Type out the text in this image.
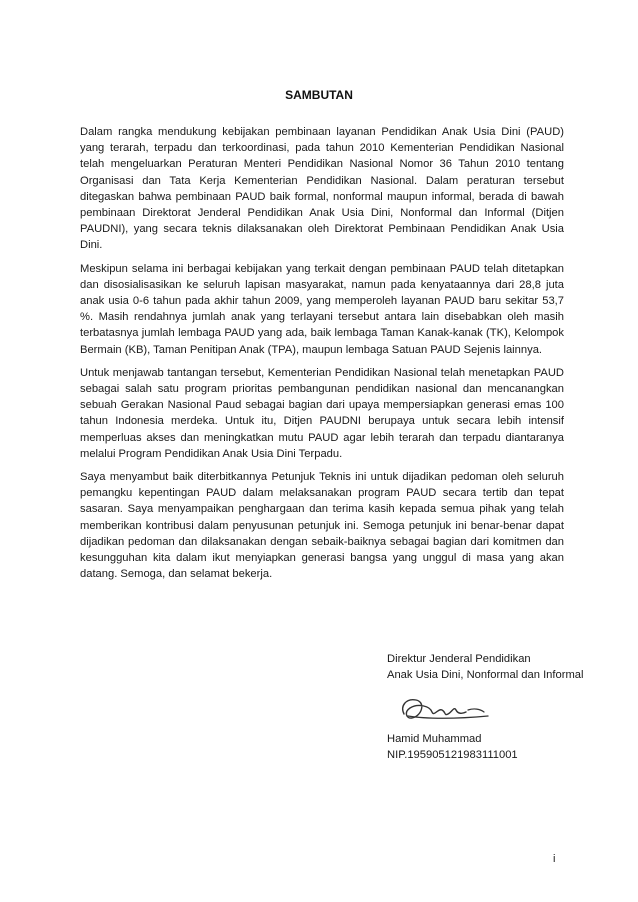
SAMBUTAN

Dalam rangka mendukung kebijakan pembinaan layanan Pendidikan Anak Usia Dini (PAUD) yang terarah, terpadu dan terkoordinasi, pada tahun 2010 Kementerian Pendidikan Nasional telah mengeluarkan Peraturan Menteri Pendidikan Nasional Nomor 36 Tahun 2010 tentang Organisasi dan Tata Kerja Kementerian Pendidikan Nasional. Dalam peraturan tersebut ditegaskan bahwa pembinaan PAUD baik formal, nonformal maupun informal, berada di bawah pembinaan Direktorat Jenderal Pendidikan Anak Usia Dini, Nonformal dan Informal (Ditjen PAUDNI), yang secara teknis dilaksanakan oleh Direktorat Pembinaan Pendidikan Anak Usia Dini.

Meskipun selama ini berbagai kebijakan yang terkait dengan pembinaan PAUD telah ditetapkan dan disosialisasikan ke seluruh lapisan masyarakat, namun pada kenyataannya dari 28,8 juta anak usia 0-6 tahun pada akhir tahun 2009, yang memperoleh layanan PAUD baru sekitar 53,7 %. Masih rendahnya jumlah anak yang terlayani tersebut antara lain disebabkan oleh masih terbatasnya jumlah lembaga PAUD yang ada, baik lembaga Taman Kanak-kanak (TK), Kelompok Bermain (KB), Taman Penitipan Anak (TPA), maupun lembaga Satuan PAUD Sejenis lainnya.

Untuk menjawab tantangan tersebut, Kementerian Pendidikan Nasional telah menetapkan PAUD sebagai salah satu program prioritas pembangunan pendidikan nasional dan mencanangkan sebuah Gerakan Nasional Paud sebagai bagian dari upaya mempersiapkan generasi emas 100 tahun Indonesia merdeka. Untuk itu, Ditjen PAUDNI berupaya untuk secara lebih intensif memperluas akses dan meningkatkan mutu PAUD agar lebih terarah dan terpadu diantaranya melalui Program Pendidikan Anak Usia Dini Terpadu.

Saya menyambut baik diterbitkannya Petunjuk Teknis ini untuk dijadikan pedoman oleh seluruh pemangku kepentingan PAUD dalam melaksanakan program PAUD secara tertib dan tepat sasaran. Saya menyampaikan penghargaan dan terima kasih kepada semua pihak yang telah memberikan kontribusi dalam penyusunan petunjuk ini. Semoga petunjuk ini benar-benar dapat dijadikan pedoman dan dilaksanakan dengan sebaik-baiknya sebagai bagian dari komitmen dan kesungguhan kita dalam ikut menyiapkan generasi bangsa yang unggul di masa yang akan datang. Semoga, dan selamat bekerja.

Direktur Jenderal Pendidikan
Anak Usia Dini, Nonformal dan Informal
Hamid Muhammad
NIP.195905121983111001
i
